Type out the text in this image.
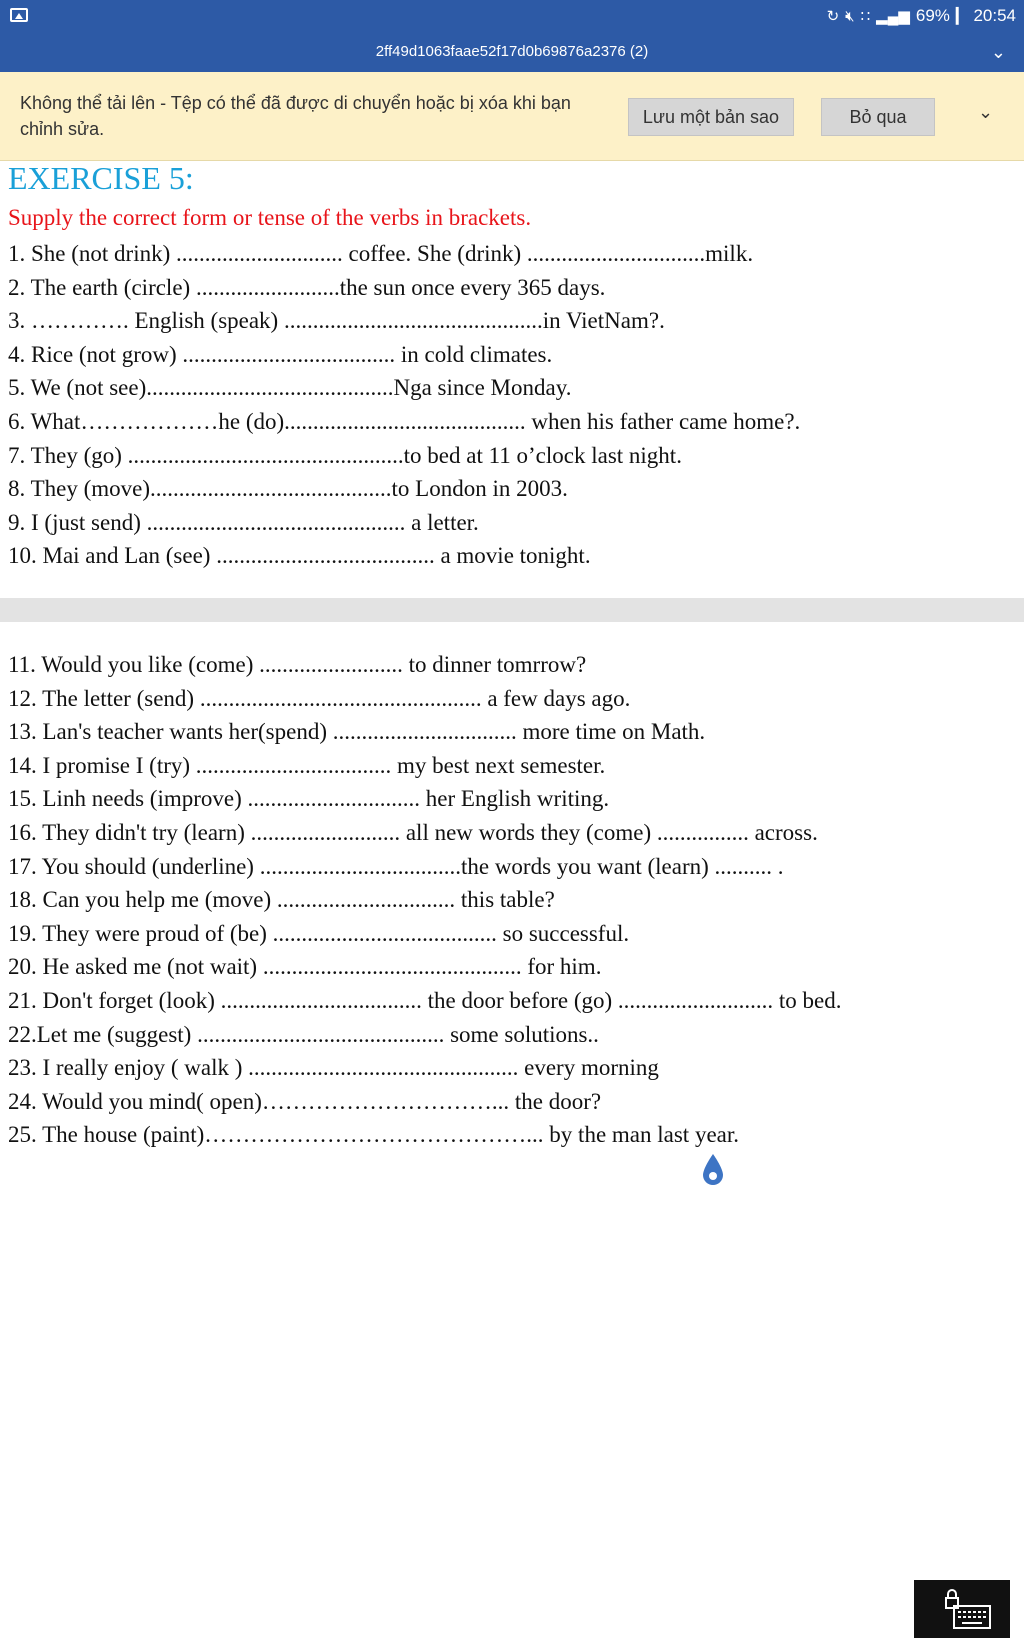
↻ 🔇︎ ∷ ▂▄▆ 69% ▎ 20:54
2ff49d1063faae52f17d0b69876a2376 (2)	⌄
Không thể tải lên - Tệp có thể đã được di chuyển hoặc bị xóa khi bạn chỉnh sửa.
Lưu một bản sao	Bỏ qua	⌄
EXERCISE 5:
Supply the correct form or tense of the verbs in brackets.
1. She (not drink) ............................. coffee. She (drink) ...............................milk.
2. The earth (circle) .........................the sun once every 365 days.
3. …………. English (speak) .............................................in VietNam?.
4. Rice (not grow) ..................................... in cold climates.
5. We (not see)...........................................Nga since Monday.
6. What………………he (do).......................................... when his father came home?.
7. They (go) ................................................to bed at 11 o’clock last night.
8. They (move)..........................................to London in 2003.
9. I (just send) ............................................. a letter.
10. Mai and Lan (see) ...................................... a movie tonight.
11. Would you like (come) ......................... to dinner tomrrow?
12. The letter (send) ................................................. a few days ago.
13. Lan's teacher wants her(spend) ................................ more time on Math.
14. I promise I (try) .................................. my best next semester.
15. Linh needs (improve) .............................. her English writing.
16. They didn't try (learn) .......................... all new words they (come) ................ across.
17. You should (underline) ...................................the words you want (learn) .......... .
18. Can you help me (move) ............................... this table?
19. They were proud of (be) ....................................... so successful.
20. He asked me (not wait) ............................................. for him.
21. Don't forget (look) ................................... the door before (go) ........................... to bed.
22.Let me (suggest) ........................................... some solutions..
23. I really enjoy ( walk ) ............................................... every morning
24. Would you mind( open)…………………………... the door?
25. The house (paint)……………………………………... by the man last year.
